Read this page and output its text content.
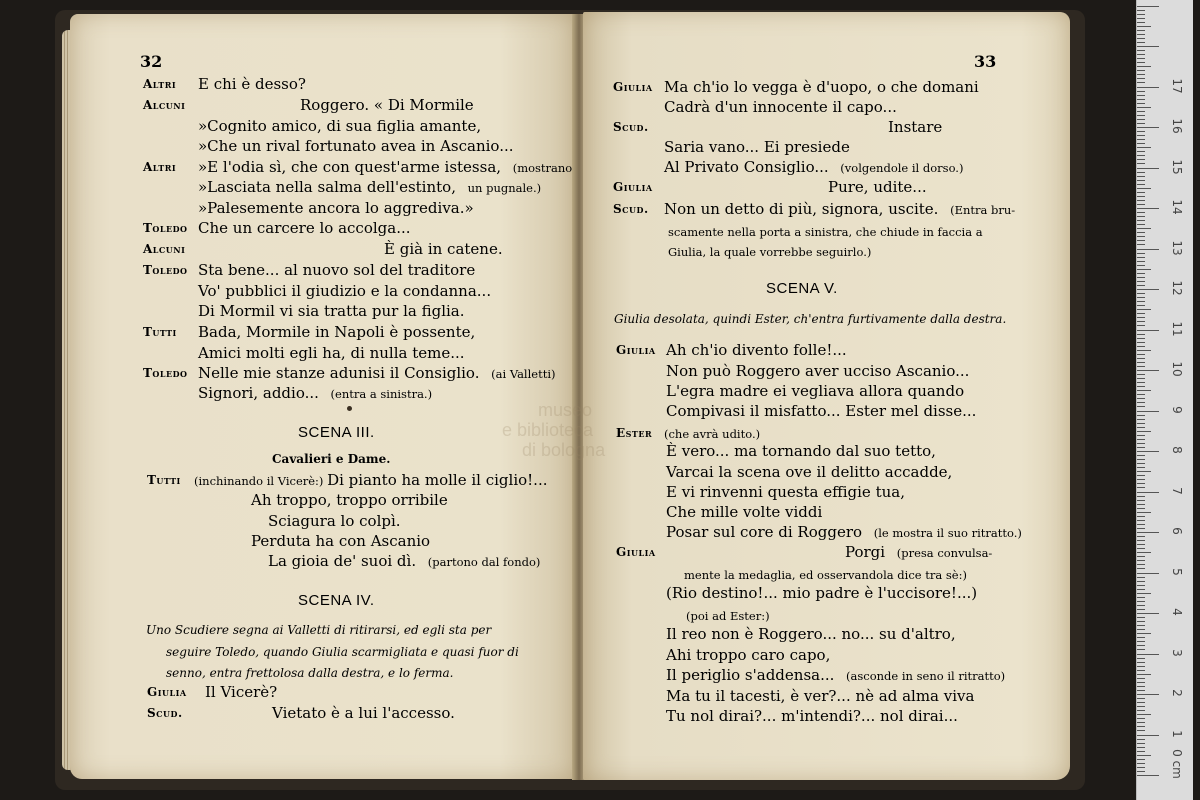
32
Altri E chi è desso?
Alcuni	Roggero. « Di Mormile
»Cognito amico, di sua figlia amante,
»Che un rival fortunato avea in Ascanio...
Altri »E l'odia sì, che con quest'arme istessa, (mostrano
»Lasciata nella salma dell'estinto, un pugnale.)
»Palesemente ancora lo aggrediva.»
Toledo Che un carcere lo accolga...
Alcuni	È già in catene.
Toledo Sta bene... al nuovo sol del traditore
Vo' pubblici il giudizio e la condanna...
Di Mormil vi sia tratta pur la figlia.
Tutti Bada, Mormile in Napoli è possente,
Amici molti egli ha, di nulla teme...
Toledo Nelle mie stanze adunisi il Consiglio. (ai Valletti)
Signori, addio... (entra a sinistra.)
SCENA III.
Cavalieri e Dame.
Tutti (inchinando il Vicerè:) Di pianto ha molle il ciglio!...
Ah troppo, troppo orribile
Sciagura lo colpì.
Perduta ha con Ascanio
La gioia de' suoi dì. (partono dal fondo)
SCENA IV.
Uno Scudiere segna ai Valletti di ritirarsi, ed egli sta per
seguire Toledo, quando Giulia scarmigliata e quasi fuor di
senno, entra frettolosa dalla destra, e lo ferma.
Giulia Il Vicerè?
Scud.	Vietato è a lui l'accesso.
33
Giulia Ma ch'io lo vegga è d'uopo, o che domani
Cadrà d'un innocente il capo...
Scud.	Instare
Saria vano... Ei presiede
Al Privato Consiglio... (volgendole il dorso.)
Giulia	Pure, udite...
Scud. Non un detto di più, signora, uscite. (Entra bru-
scamente nella porta a sinistra, che chiude in faccia a
Giulia, la quale vorrebbe seguirlo.)
SCENA V.
Giulia desolata, quindi Ester, ch'entra furtivamente dalla destra.
Giulia Ah ch'io divento folle!...
Non può Roggero aver ucciso Ascanio...
L'egra madre ei vegliava allora quando
Compivasi il misfatto... Ester mel disse...
Ester (che avrà udito.)
È vero... ma tornando dal suo tetto,
Varcai la scena ove il delitto accadde,
E vi rinvenni questa effigie tua,
Che mille volte viddi
Posar sul core di Roggero (le mostra il suo ritratto.)
Giulia	Porgi (presa convulsa-
mente la medaglia, ed osservandola dice tra sè:)
(Rio destino!... mio padre è l'uccisore!...)
(poi ad Ester:)
Il reo non è Roggero... no... su d'altro,
Ahi troppo caro capo,
Il periglio s'addensa... (asconde in seno il ritratto)
Ma tu il tacesti, è ver?... nè ad alma viva
Tu nol dirai?... m'intendi?... nol dirai...
museo
e biblioteca
di bologna
0 cm
1
2
3
4
5
6
7
8
9
10
11
12
13
14
15
16
17
